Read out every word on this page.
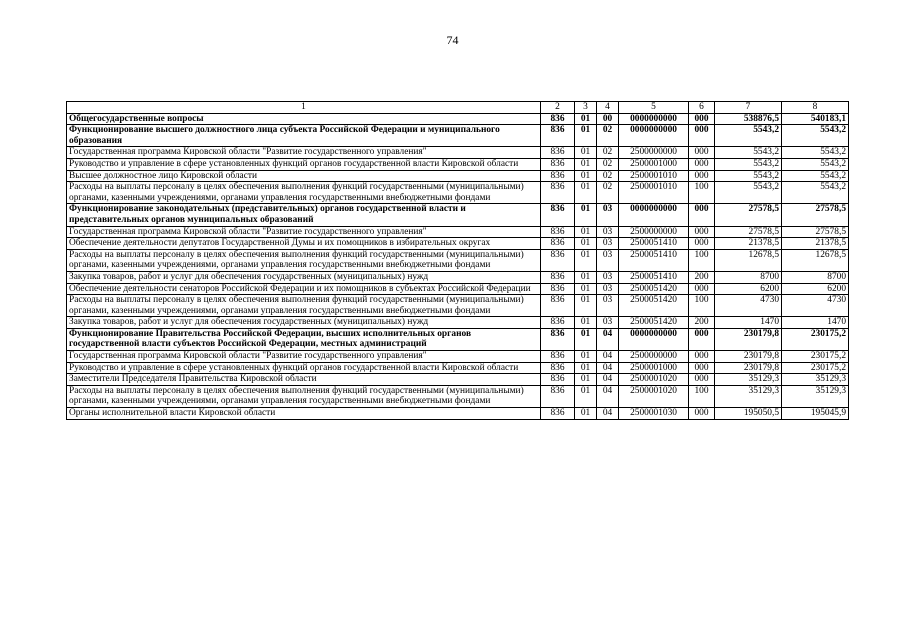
74
1	2	3	4	5	6	7	8
Общегосударственные вопросы	836	01	00	0000000000	000	538876,5	540183,1
Функционирование высшего должностного лица субъекта Российской Федерации и муниципального образования	836	01	02	0000000000	000	5543,2	5543,2
Государственная программа Кировской области "Развитие государственного управления"	836	01	02	2500000000	000	5543,2	5543,2
Руководство и управление в сфере установленных функций органов государственной власти Кировской области	836	01	02	2500001000	000	5543,2	5543,2
Высшее должностное лицо Кировской области	836	01	02	2500001010	000	5543,2	5543,2
Расходы на выплаты персоналу в целях обеспечения выполнения функций государственными (муниципальными) органами, казенными учреждениями, органами управления государственными внебюджетными фондами	836	01	02	2500001010	100	5543,2	5543,2
Функционирование законодательных (представительных) органов государственной власти и представительных органов муниципальных образований	836	01	03	0000000000	000	27578,5	27578,5
Государственная программа Кировской области "Развитие государственного управления"	836	01	03	2500000000	000	27578,5	27578,5
Обеспечение деятельности депутатов Государственной Думы и их помощников в избирательных округах	836	01	03	2500051410	000	21378,5	21378,5
Расходы на выплаты персоналу в целях обеспечения выполнения функций государственными (муниципальными) органами, казенными учреждениями, органами управления государственными внебюджетными фондами	836	01	03	2500051410	100	12678,5	12678,5
Закупка товаров, работ и услуг для обеспечения государственных (муниципальных) нужд	836	01	03	2500051410	200	8700	8700
Обеспечение деятельности сенаторов Российской Федерации и их помощников в субъектах Российской Федерации	836	01	03	2500051420	000	6200	6200
Расходы на выплаты персоналу в целях обеспечения выполнения функций государственными (муниципальными) органами, казенными учреждениями, органами управления государственными внебюджетными фондами	836	01	03	2500051420	100	4730	4730
Закупка товаров, работ и услуг для обеспечения государственных (муниципальных) нужд	836	01	03	2500051420	200	1470	1470
Функционирование Правительства Российской Федерации, высших исполнительных органов государственной власти субъектов Российской Федерации, местных администраций	836	01	04	0000000000	000	230179,8	230175,2
Государственная программа Кировской области "Развитие государственного управления"	836	01	04	2500000000	000	230179,8	230175,2
Руководство и управление в сфере установленных функций органов государственной власти Кировской области	836	01	04	2500001000	000	230179,8	230175,2
Заместители Председателя Правительства Кировской области	836	01	04	2500001020	000	35129,3	35129,3
Расходы на выплаты персоналу в целях обеспечения выполнения функций государственными (муниципальными) органами, казенными учреждениями, органами управления государственными внебюджетными фондами	836	01	04	2500001020	100	35129,3	35129,3
Органы исполнительной власти Кировской области	836	01	04	2500001030	000	195050,5	195045,9
